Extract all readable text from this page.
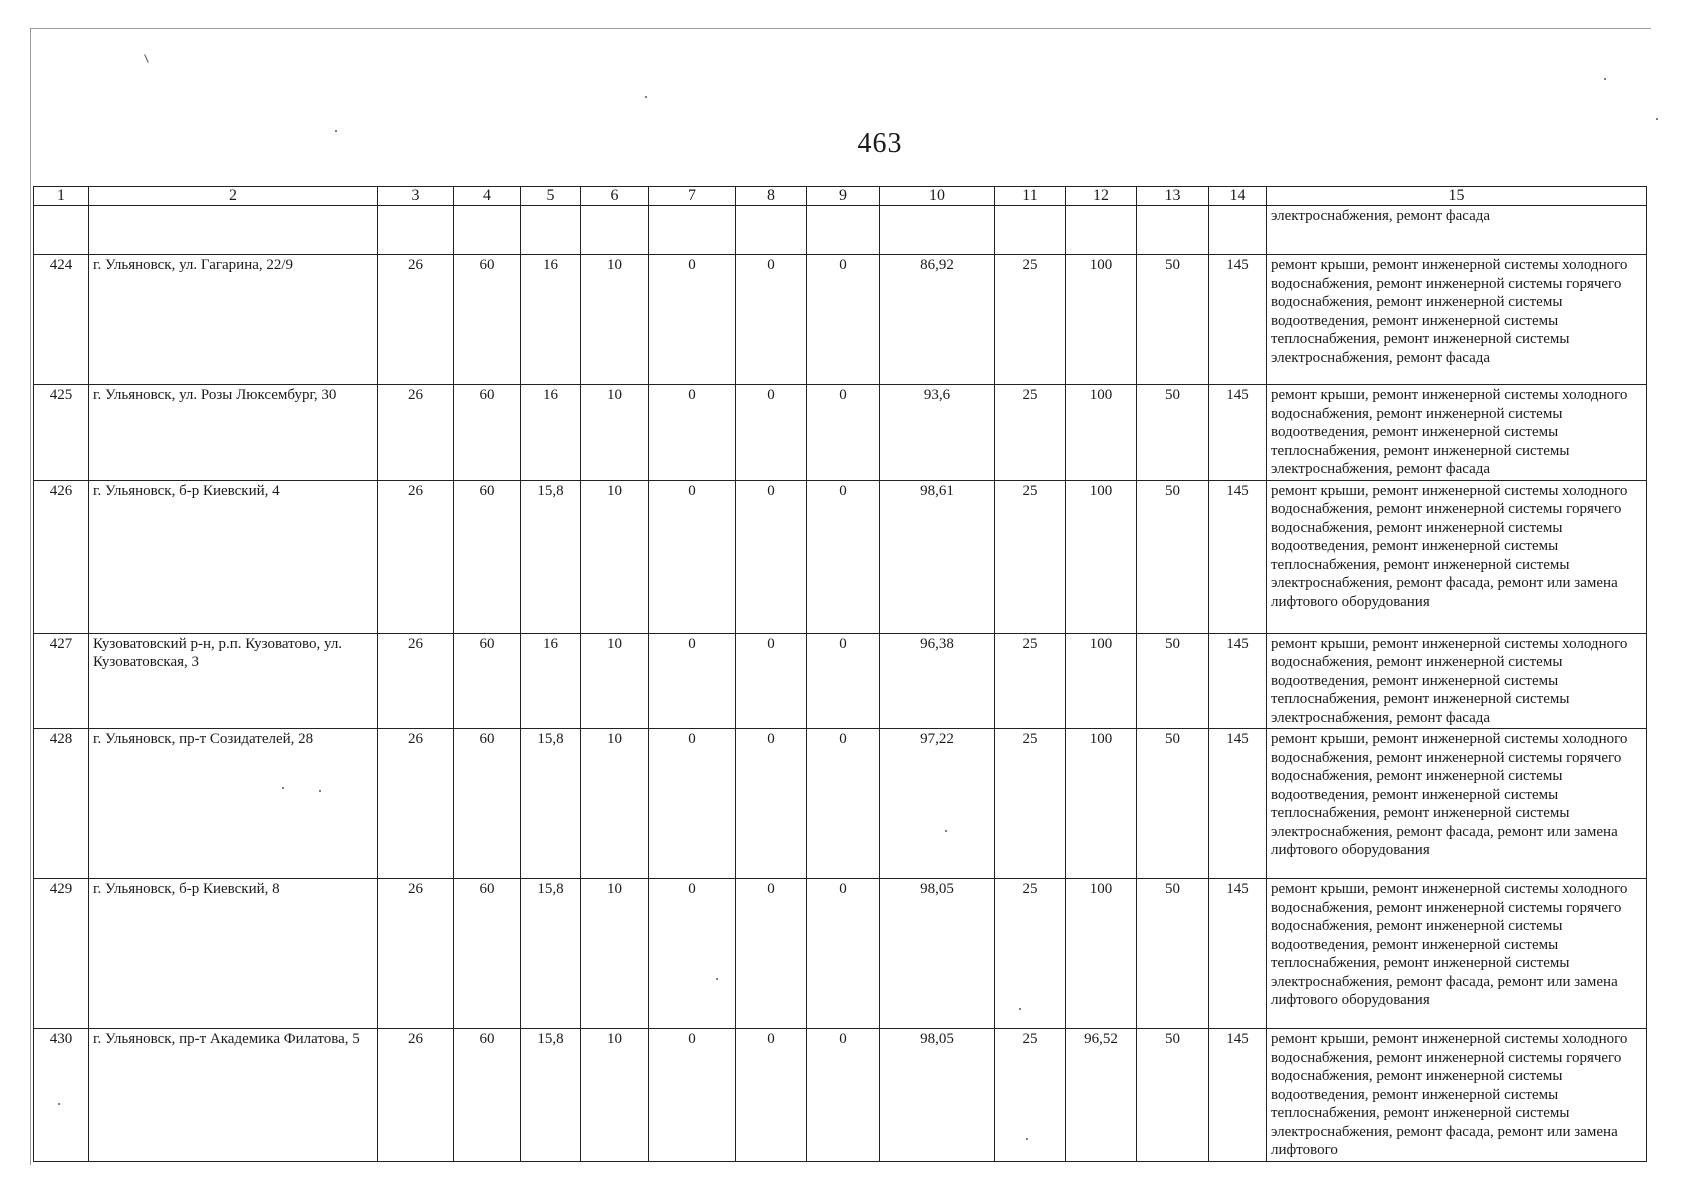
463
1	2	3	4	5	6	7	8	9	10	11	12	13	14	15
														электроснабжения, ремонт фасада
424	г. Ульяновск, ул. Гагарина, 22/9	26	60	16	10	0	0	0	86,92	25	100	50	145	ремонт крыши, ремонт инженерной системы холодного водоснабжения, ремонт инженерной системы горячего водоснабжения, ремонт инженерной системы водоотведения, ремонт инженерной системы теплоснабжения, ремонт инженерной системы электроснабжения, ремонт фасада
425	г. Ульяновск, ул. Розы Люксембург, 30	26	60	16	10	0	0	0	93,6	25	100	50	145	ремонт крыши, ремонт инженерной системы холодного водоснабжения, ремонт инженерной системы водоотведения, ремонт инженерной системы теплоснабжения, ремонт инженерной системы электроснабжения, ремонт фасада
426	г. Ульяновск, б-р Киевский, 4	26	60	15,8	10	0	0	0	98,61	25	100	50	145	ремонт крыши, ремонт инженерной системы холодного водоснабжения, ремонт инженерной системы горячего водоснабжения, ремонт инженерной системы водоотведения, ремонт инженерной системы теплоснабжения, ремонт инженерной системы электроснабжения, ремонт фасада, ремонт или замена лифтового оборудования
427	Кузоватовский р-н, р.п. Кузоватово, ул. Кузоватовская, 3	26	60	16	10	0	0	0	96,38	25	100	50	145	ремонт крыши, ремонт инженерной системы холодного водоснабжения, ремонт инженерной системы водоотведения, ремонт инженерной системы теплоснабжения, ремонт инженерной системы электроснабжения, ремонт фасада
428	г. Ульяновск, пр-т Созидателей, 28	26	60	15,8	10	0	0	0	97,22	25	100	50	145	ремонт крыши, ремонт инженерной системы холодного водоснабжения, ремонт инженерной системы горячего водоснабжения, ремонт инженерной системы водоотведения, ремонт инженерной системы теплоснабжения, ремонт инженерной системы электроснабжения, ремонт фасада, ремонт или замена лифтового оборудования
429	г. Ульяновск, б-р Киевский, 8	26	60	15,8	10	0	0	0	98,05	25	100	50	145	ремонт крыши, ремонт инженерной системы холодного водоснабжения, ремонт инженерной системы горячего водоснабжения, ремонт инженерной системы водоотведения, ремонт инженерной системы теплоснабжения, ремонт инженерной системы электроснабжения, ремонт фасада, ремонт или замена лифтового оборудования
430	г. Ульяновск, пр-т Академика Филатова, 5	26	60	15,8	10	0	0	0	98,05	25	96,52	50	145	ремонт крыши, ремонт инженерной системы холодного водоснабжения, ремонт инженерной системы горячего водоснабжения, ремонт инженерной системы водоотведения, ремонт инженерной системы теплоснабжения, ремонт инженерной системы электроснабжения, ремонт фасада, ремонт или замена лифтового
